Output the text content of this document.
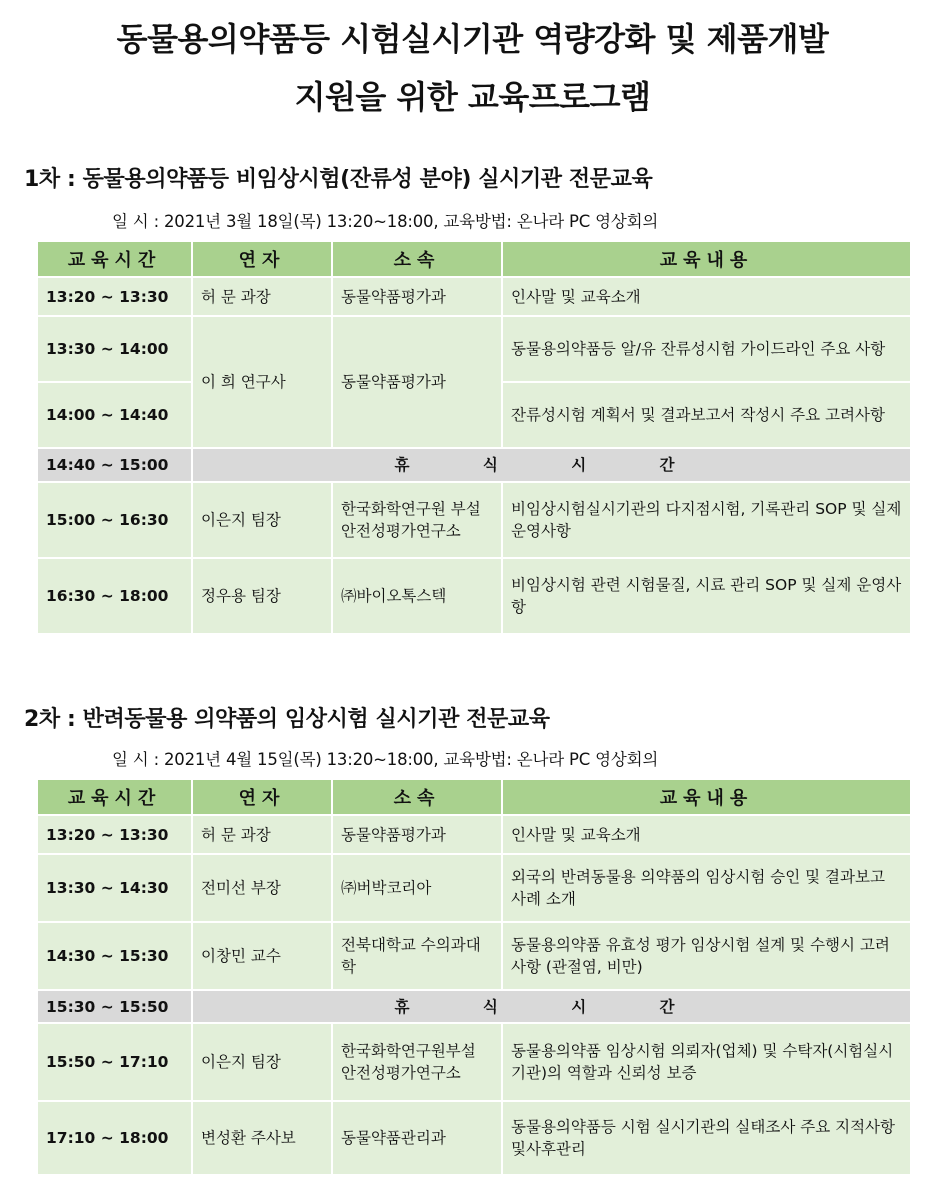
동물용의약품등 시험실시기관 역량강화 및 제품개발
지원을 위한 교육프로그램
1차 : 동물용의약품등 비임상시험(잔류성 분야) 실시기관 전문교육
일 시 : 2021년 3월 18일(목) 13:20~18:00, 교육방법: 온나라 PC 영상회의
교육시간	연자	소속	교육내용
13:20 ~ 13:30	허 문 과장	동물약품평가과	인사말 및 교육소개
13:30 ~ 14:00	이 희 연구사	동물약품평가과	동물용의약품등 알/유 잔류성시험 가이드라인 주요 사항
14:00 ~ 14:40			잔류성시험 계획서 및 결과보고서 작성시 주요 고려사항
14:40 ~ 15:00	휴 식 시 간		
15:00 ~ 16:30	이은지 팀장	한국화학연구원 부설 안전성평가연구소	비임상시험실시기관의 다지점시험, 기록관리 SOP 및 실제 운영사항
16:30 ~ 18:00	정우용 팀장	㈜바이오톡스텍	비임상시험 관련 시험물질, 시료 관리 SOP 및 실제 운영사항
2차 : 반려동물용 의약품의 임상시험 실시기관 전문교육
일 시 : 2021년 4월 15일(목) 13:20~18:00, 교육방법: 온나라 PC 영상회의
교육시간	연자	소속	교육내용
13:20 ~ 13:30	허 문 과장	동물약품평가과	인사말 및 교육소개
13:30 ~ 14:30	전미선 부장	㈜버박코리아	외국의 반려동물용 의약품의 임상시험 승인 및 결과보고 사례 소개
14:30 ~ 15:30	이창민 교수	전북대학교 수의과대학	동물용의약품 유효성 평가 임상시험 설계 및 수행시 고려사항 (관절염, 비만)
15:30 ~ 15:50	휴 식 시 간		
15:50 ~ 17:10	이은지 팀장	한국화학연구원부설 안전성평가연구소	동물용의약품 임상시험 의뢰자(업체) 및 수탁자(시험실시기관)의 역할과 신뢰성 보증
17:10 ~ 18:00	변성환 주사보	동물약품관리과	동물용의약품등 시험 실시기관의 실태조사 주요 지적사항 및사후관리
